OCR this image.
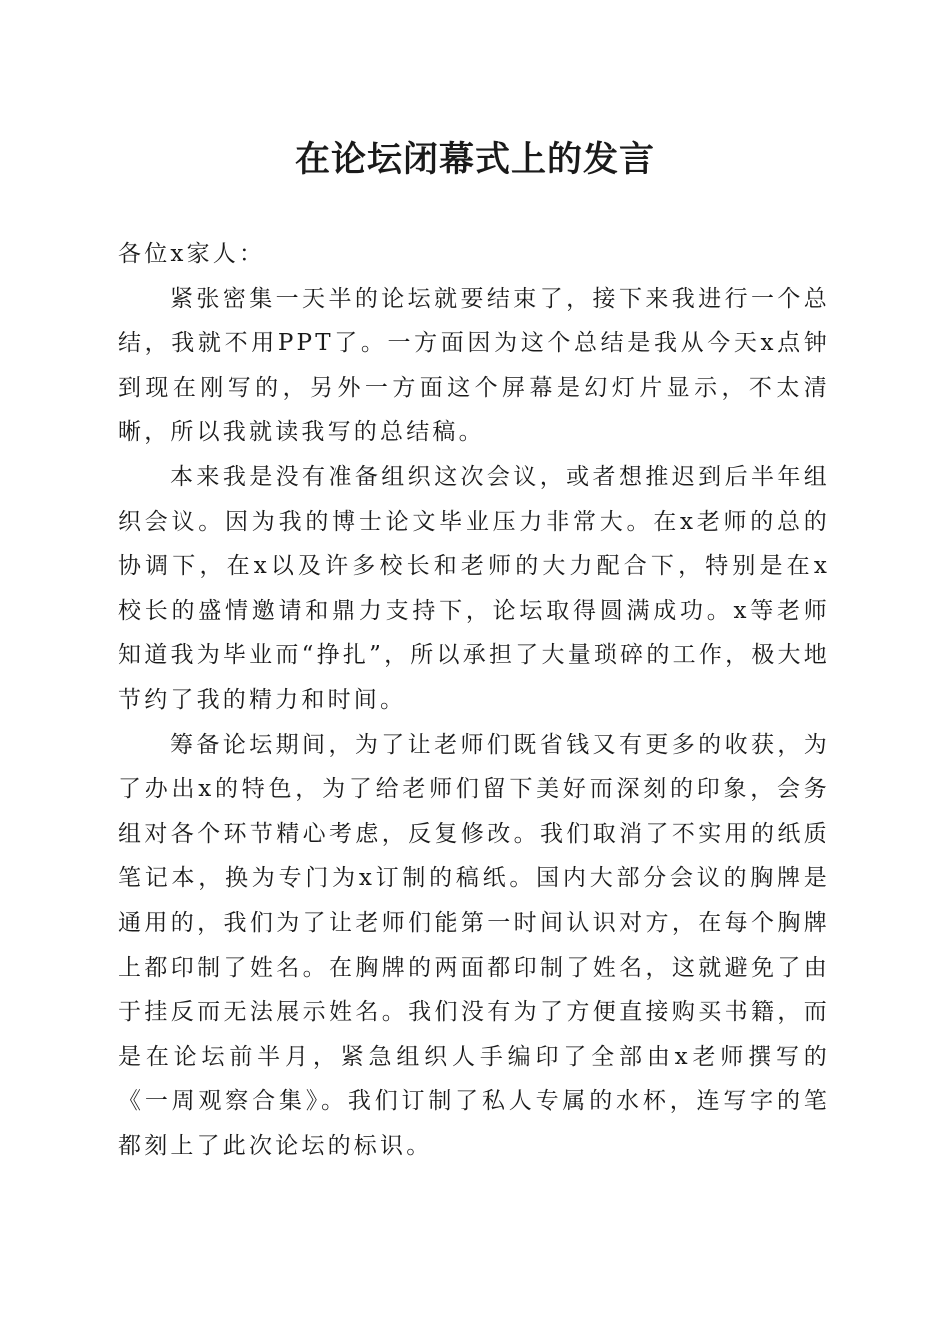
在论坛闭幕式上的发言

各位x家人：

紧张密集一天半的论坛就要结束了，接下来我进行一个总结，我就不用PPT了。一方面因为这个总结是我从今天x点钟到现在刚写的，另外一方面这个屏幕是幻灯片显示，不太清晰，所以我就读我写的总结稿。

本来我是没有准备组织这次会议，或者想推迟到后半年组织会议。因为我的博士论文毕业压力非常大。在x老师的总的协调下，在x以及许多校长和老师的大力配合下，特别是在x校长的盛情邀请和鼎力支持下，论坛取得圆满成功。x等老师知道我为毕业而“挣扎”，所以承担了大量琐碎的工作，极大地节约了我的精力和时间。

筹备论坛期间，为了让老师们既省钱又有更多的收获，为了办出x的特色，为了给老师们留下美好而深刻的印象，会务组对各个环节精心考虑，反复修改。我们取消了不实用的纸质笔记本，换为专门为x订制的稿纸。国内大部分会议的胸牌是通用的，我们为了让老师们能第一时间认识对方，在每个胸牌上都印制了姓名。在胸牌的两面都印制了姓名，这就避免了由于挂反而无法展示姓名。我们没有为了方便直接购买书籍，而是在论坛前半月，紧急组织人手编印了全部由x老师撰写的《一周观察合集》。我们订制了私人专属的水杯，连写字的笔都刻上了此次论坛的标识。
